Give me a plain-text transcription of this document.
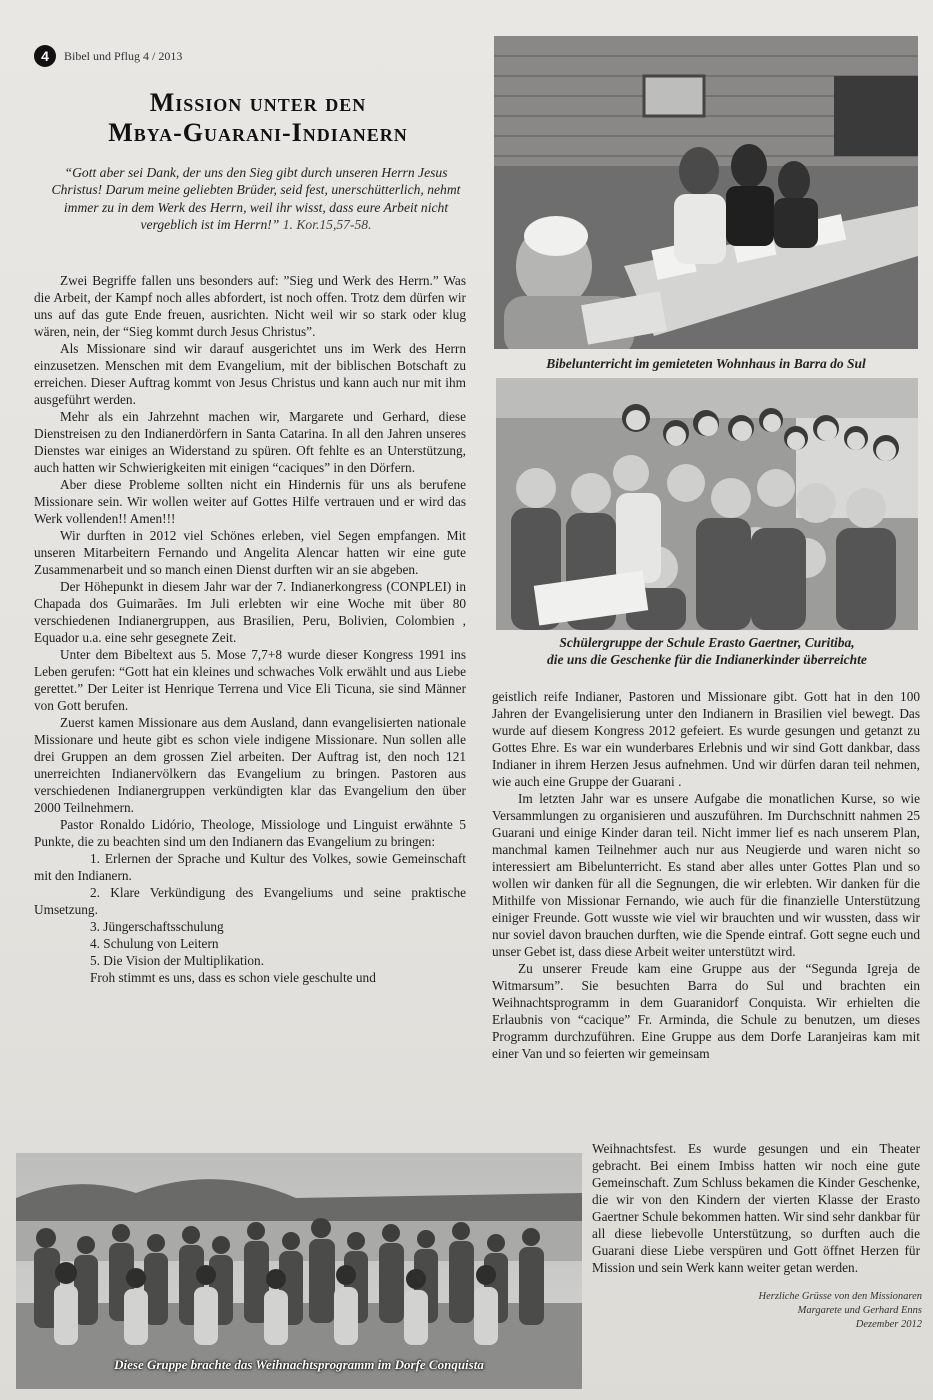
4	Bibel und Pflug 4 / 2013
Mission unter den
Mbya-Guarani-Indianern
“Gott aber sei Dank, der uns den Sieg gibt durch unseren Herrn Jesus Christus! Darum meine geliebten Brüder, seid fest, unerschütterlich, nehmt immer zu in dem Werk des Herrn, weil ihr wisst, dass eure Arbeit nicht vergeblich ist im Herrn!” 1. Kor.15,57-58.

Zwei Begriffe fallen uns besonders auf: ”Sieg und Werk des Herrn.” Was die Arbeit, der Kampf noch alles abfordert, ist noch offen. Trotz dem dürfen wir uns auf das gute Ende freuen, ausrichten. Nicht weil wir so stark oder klug wären, nein, der “Sieg kommt durch Jesus Christus”.

Als Missionare sind wir darauf ausgerichtet uns im Werk des Herrn einzusetzen. Menschen mit dem Evangelium, mit der biblischen Botschaft zu erreichen. Dieser Auftrag kommt von Jesus Christus und kann auch nur mit ihm ausgeführt werden.

Mehr als ein Jahrzehnt machen wir, Margarete und Gerhard, diese Dienstreisen zu den Indianerdörfern in Santa Catarina. In all den Jahren unseres Dienstes war einiges an Widerstand zu spüren. Oft fehlte es an Unterstützung, auch hatten wir Schwierigkeiten mit einigen “caciques” in den Dörfern.

Aber diese Probleme sollten nicht ein Hindernis für uns als berufene Missionare sein. Wir wollen weiter auf Gottes Hilfe vertrauen und er wird das Werk vollenden!! Amen!!!

Wir durften in 2012 viel Schönes erleben, viel Segen empfangen. Mit unseren Mitarbeitern Fernando und Angelita Alencar hatten wir eine gute Zusammenarbeit und so manch einen Dienst durften wir an sie abgeben.

Der Höhepunkt in diesem Jahr war der 7. Indianerkongress (CONPLEI) in Chapada dos Guimarães. Im Juli erlebten wir eine Woche mit über 80 verschiedenen Indianergruppen, aus Brasilien, Peru, Bolivien, Colombien , Equador u.a. eine sehr gesegnete Zeit.

Unter dem Bibeltext aus 5. Mose 7,7+8 wurde dieser Kongress 1991 ins Leben gerufen: “Gott hat ein kleines und schwaches Volk erwählt und aus Liebe gerettet.” Der Leiter ist Henrique Terrena und Vice Eli Ticuna, sie sind Männer von Gott berufen.

Zuerst kamen Missionare aus dem Ausland, dann evangelisierten nationale Missionare und heute gibt es schon viele indigene Missionare. Nun sollen alle drei Gruppen an dem grossen Ziel arbeiten. Der Auftrag ist, den noch 121 unerreichten Indianervölkern das Evangelium zu bringen. Pastoren aus verschiedenen Indianergruppen verkündigten klar das Evangelium den über 2000 Teilnehmern.

Pastor Ronaldo Lidório, Theologe, Missiologe und Linguist erwähnte 5 Punkte, die zu beachten sind um den Indianern das Evangelium zu bringen:

1. Erlernen der Sprache und Kultur des Volkes, sowie Gemeinschaft mit den Indianern.

2. Klare Verkündigung des Evangeliums und seine praktische Umsetzung.

3. Jüngerschaftsschulung

4. Schulung von Leitern

5. Die Vision der Multiplikation.

Froh stimmt es uns, dass es schon viele geschulte und

geistlich reife Indianer, Pastoren und Missionare gibt. Gott hat in den 100 Jahren der Evangelisierung unter den Indianern in Brasilien viel bewegt. Das wurde auf diesem Kongress 2012 gefeiert. Es wurde gesungen und getanzt zu Gottes Ehre. Es war ein wunderbares Erlebnis und wir sind Gott dankbar, dass Indianer in ihrem Herzen Jesus aufnehmen. Und wir dürfen daran teil nehmen, wie auch eine Gruppe der Guarani .

Im letzten Jahr war es unsere Aufgabe die monatlichen Kurse, so wie Versammlungen zu organisieren und auszuführen. Im Durchschnitt nahmen 25 Guarani und einige Kinder daran teil. Nicht immer lief es nach unserem Plan, manchmal kamen Teilnehmer auch nur aus Neugierde und waren nicht so interessiert am Bibelunterricht. Es stand aber alles unter Gottes Plan und so wollen wir danken für all die Segnungen, die wir erlebten. Wir danken für die Mithilfe von Missionar Fernando, wie auch für die finanzielle Unterstützung einiger Freunde. Gott wusste wie viel wir brauchten und wir wussten, dass wir nur soviel davon brauchen durften, wie die Spende eintraf. Gott segne euch und unser Gebet ist, dass diese Arbeit weiter unterstützt wird.

Zu unserer Freude kam eine Gruppe aus der “Segunda Igreja de Witmarsum”. Sie besuchten Barra do Sul und brachten ein Weihnachtsprogramm in dem Guaranidorf Conquista. Wir erhielten die Erlaubnis von “cacique” Fr. Arminda, die Schule zu benutzen, um dieses Programm durchzuführen. Eine Gruppe aus dem Dorfe Laranjeiras kam mit einer Van und so feierten wir gemeinsam

Weihnachtsfest. Es wurde gesungen und ein Theater gebracht. Bei einem Imbiss hatten wir noch eine gute Gemeinschaft. Zum Schluss bekamen die Kinder Geschenke, die wir von den Kindern der vierten Klasse der Erasto Gaertner Schule bekommen hatten. Wir sind sehr dankbar für all diese liebevolle Unterstützung, so durften auch die Guarani diese Liebe verspüren und Gott öffnet Herzen für Mission und sein Werk kann weiter getan werden.

Herzliche Grüsse von den Missionaren
Margarete und Gerhard Enns
Dezember 2012
Bibelunterricht im gemieteten Wohnhaus in Barra do Sul
Schülergruppe der Schule Erasto Gaertner, Curitiba,
die uns die Geschenke für die Indianerkinder überreichte
Diese Gruppe brachte das Weihnachtsprogramm im Dorfe Conquista
